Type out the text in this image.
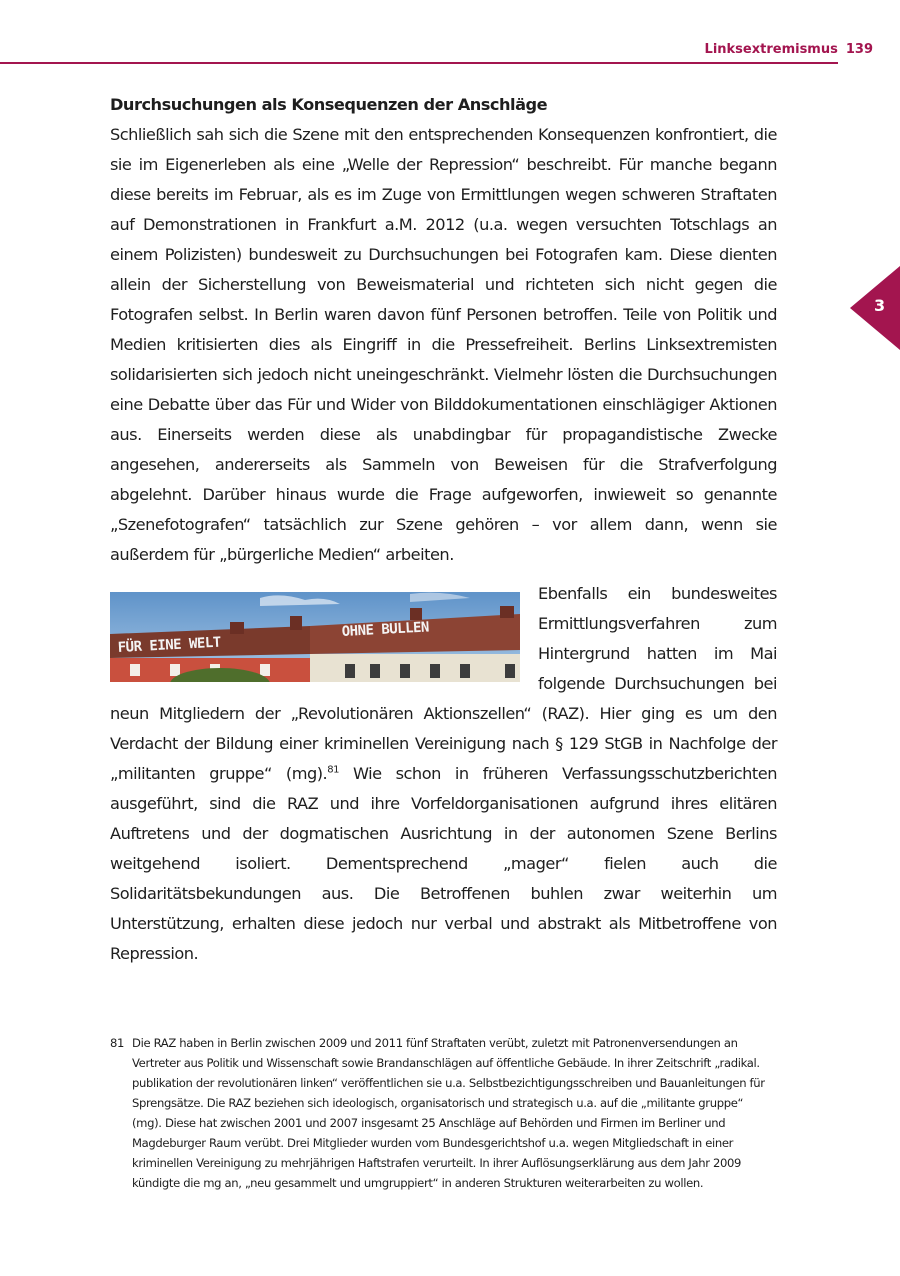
Linksextremismus 139
3
Durchsuchungen als Konsequenzen der Anschläge

Schließlich sah sich die Szene mit den entsprechenden Konsequenzen konfrontiert, die sie im Eigenerleben als eine „Welle der Repression“ beschreibt. Für manche begann diese bereits im Februar, als es im Zuge von Ermittlungen wegen schweren Straftaten auf Demonstrationen in Frankfurt a.M. 2012 (u.a. wegen versuchten Totschlags an einem Polizisten) bundesweit zu Durchsuchungen bei Fotografen kam. Diese dienten allein der Sicherstellung von Beweismaterial und richteten sich nicht gegen die Fotografen selbst. In Berlin waren davon fünf Personen betroffen. Teile von Politik und Medien kritisierten dies als Eingriff in die Pressefreiheit. Berlins Linksextremisten solidarisierten sich jedoch nicht uneingeschränkt. Vielmehr lösten die Durchsuchungen eine Debatte über das Für und Wider von Bilddokumentationen einschlägiger Aktionen aus. Einerseits werden diese als unabdingbar für propagandistische Zwecke angesehen, andererseits als Sammeln von Beweisen für die Strafverfolgung abgelehnt. Darüber hinaus wurde die Frage aufgeworfen, inwieweit so genannte „Szenefotografen“ tatsächlich zur Szene gehören – vor allem dann, wenn sie außerdem für „bürgerliche Medien“ arbeiten.

FÜR EINE WELT
OHNE BULLEN
Ebenfalls ein bundesweites Ermittlungsverfahren zum Hintergrund hatten im Mai folgende Durchsuchungen bei neun Mitgliedern der „Revolutionären Aktionszellen“ (RAZ). Hier ging es um den Verdacht der Bildung einer kriminellen Vereinigung nach § 129 StGB in Nachfolge der „militanten gruppe“ (mg).$^{81}$ Wie schon in früheren Verfassungsschutzberichten ausgeführt, sind die RAZ und ihre Vorfeldorganisationen aufgrund ihres elitären Auftretens und der dogmatischen Ausrichtung in der autonomen Szene Berlins weitgehend isoliert. Dementsprechend „mager“ fielen auch die Solidaritätsbekundungen aus. Die Betroffenen buhlen zwar weiterhin um Unterstützung, erhalten diese jedoch nur verbal und abstrakt als Mitbetroffene von Repression.
81 Die RAZ haben in Berlin zwischen 2009 und 2011 fünf Straftaten verübt, zuletzt mit Patronenversendungen an Vertreter aus Politik und Wissenschaft sowie Brandanschlägen auf öffentliche Gebäude. In ihrer Zeitschrift „radikal. publikation der revolutionären linken“ veröffentlichen sie u.a. Selbstbezichtigungsschreiben und Bauanleitungen für Sprengsätze. Die RAZ beziehen sich ideologisch, organisatorisch und strategisch u.a. auf die „militante gruppe“ (mg). Diese hat zwischen 2001 und 2007 insgesamt 25 Anschläge auf Behörden und Firmen im Berliner und Magdeburger Raum verübt. Drei Mitglieder wurden vom Bundesgerichtshof u.a. wegen Mitgliedschaft in einer kriminellen Vereinigung zu mehrjährigen Haftstrafen verurteilt. In ihrer Auflösungserklärung aus dem Jahr 2009 kündigte die mg an, „neu gesammelt und umgruppiert“ in anderen Strukturen weiterarbeiten zu wollen.
